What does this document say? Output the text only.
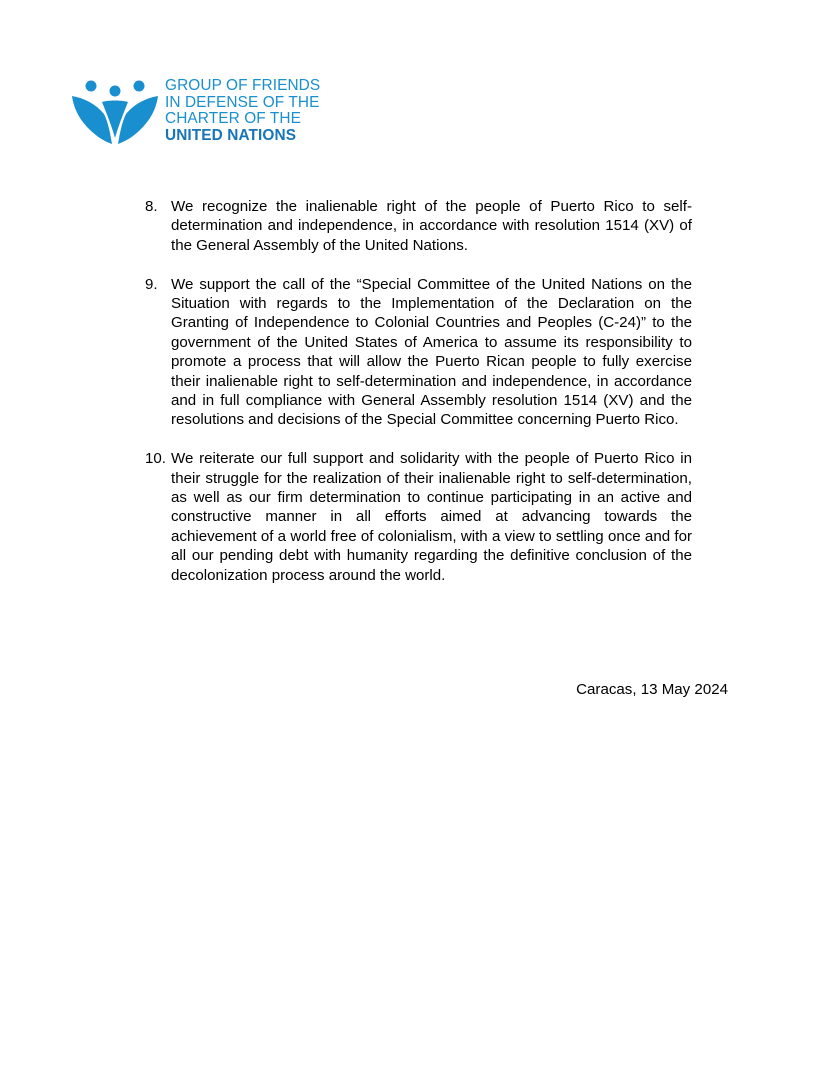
GROUP OF FRIENDS
IN DEFENSE OF THE
CHARTER OF THE
UNITED NATIONS
8. We recognize the inalienable right of the people of Puerto Rico to self-determination and independence, in accordance with resolution 1514 (XV) of the General Assembly of the United Nations.
9. We support the call of the “Special Committee of the United Nations on the Situation with regards to the Implementation of the Declaration on the Granting of Independence to Colonial Countries and Peoples (C-24)” to the government of the United States of America to assume its responsibility to promote a process that will allow the Puerto Rican people to fully exercise their inalienable right to self-determination and independence, in accordance and in full compliance with General Assembly resolution 1514 (XV) and the resolutions and decisions of the Special Committee concerning Puerto Rico.
10. We reiterate our full support and solidarity with the people of Puerto Rico in their struggle for the realization of their inalienable right to self-determination, as well as our firm determination to continue participating in an active and constructive manner in all efforts aimed at advancing towards the achievement of a world free of colonialism, with a view to settling once and for all our pending debt with humanity regarding the definitive conclusion of the decolonization process around the world.
Caracas, 13 May 2024
